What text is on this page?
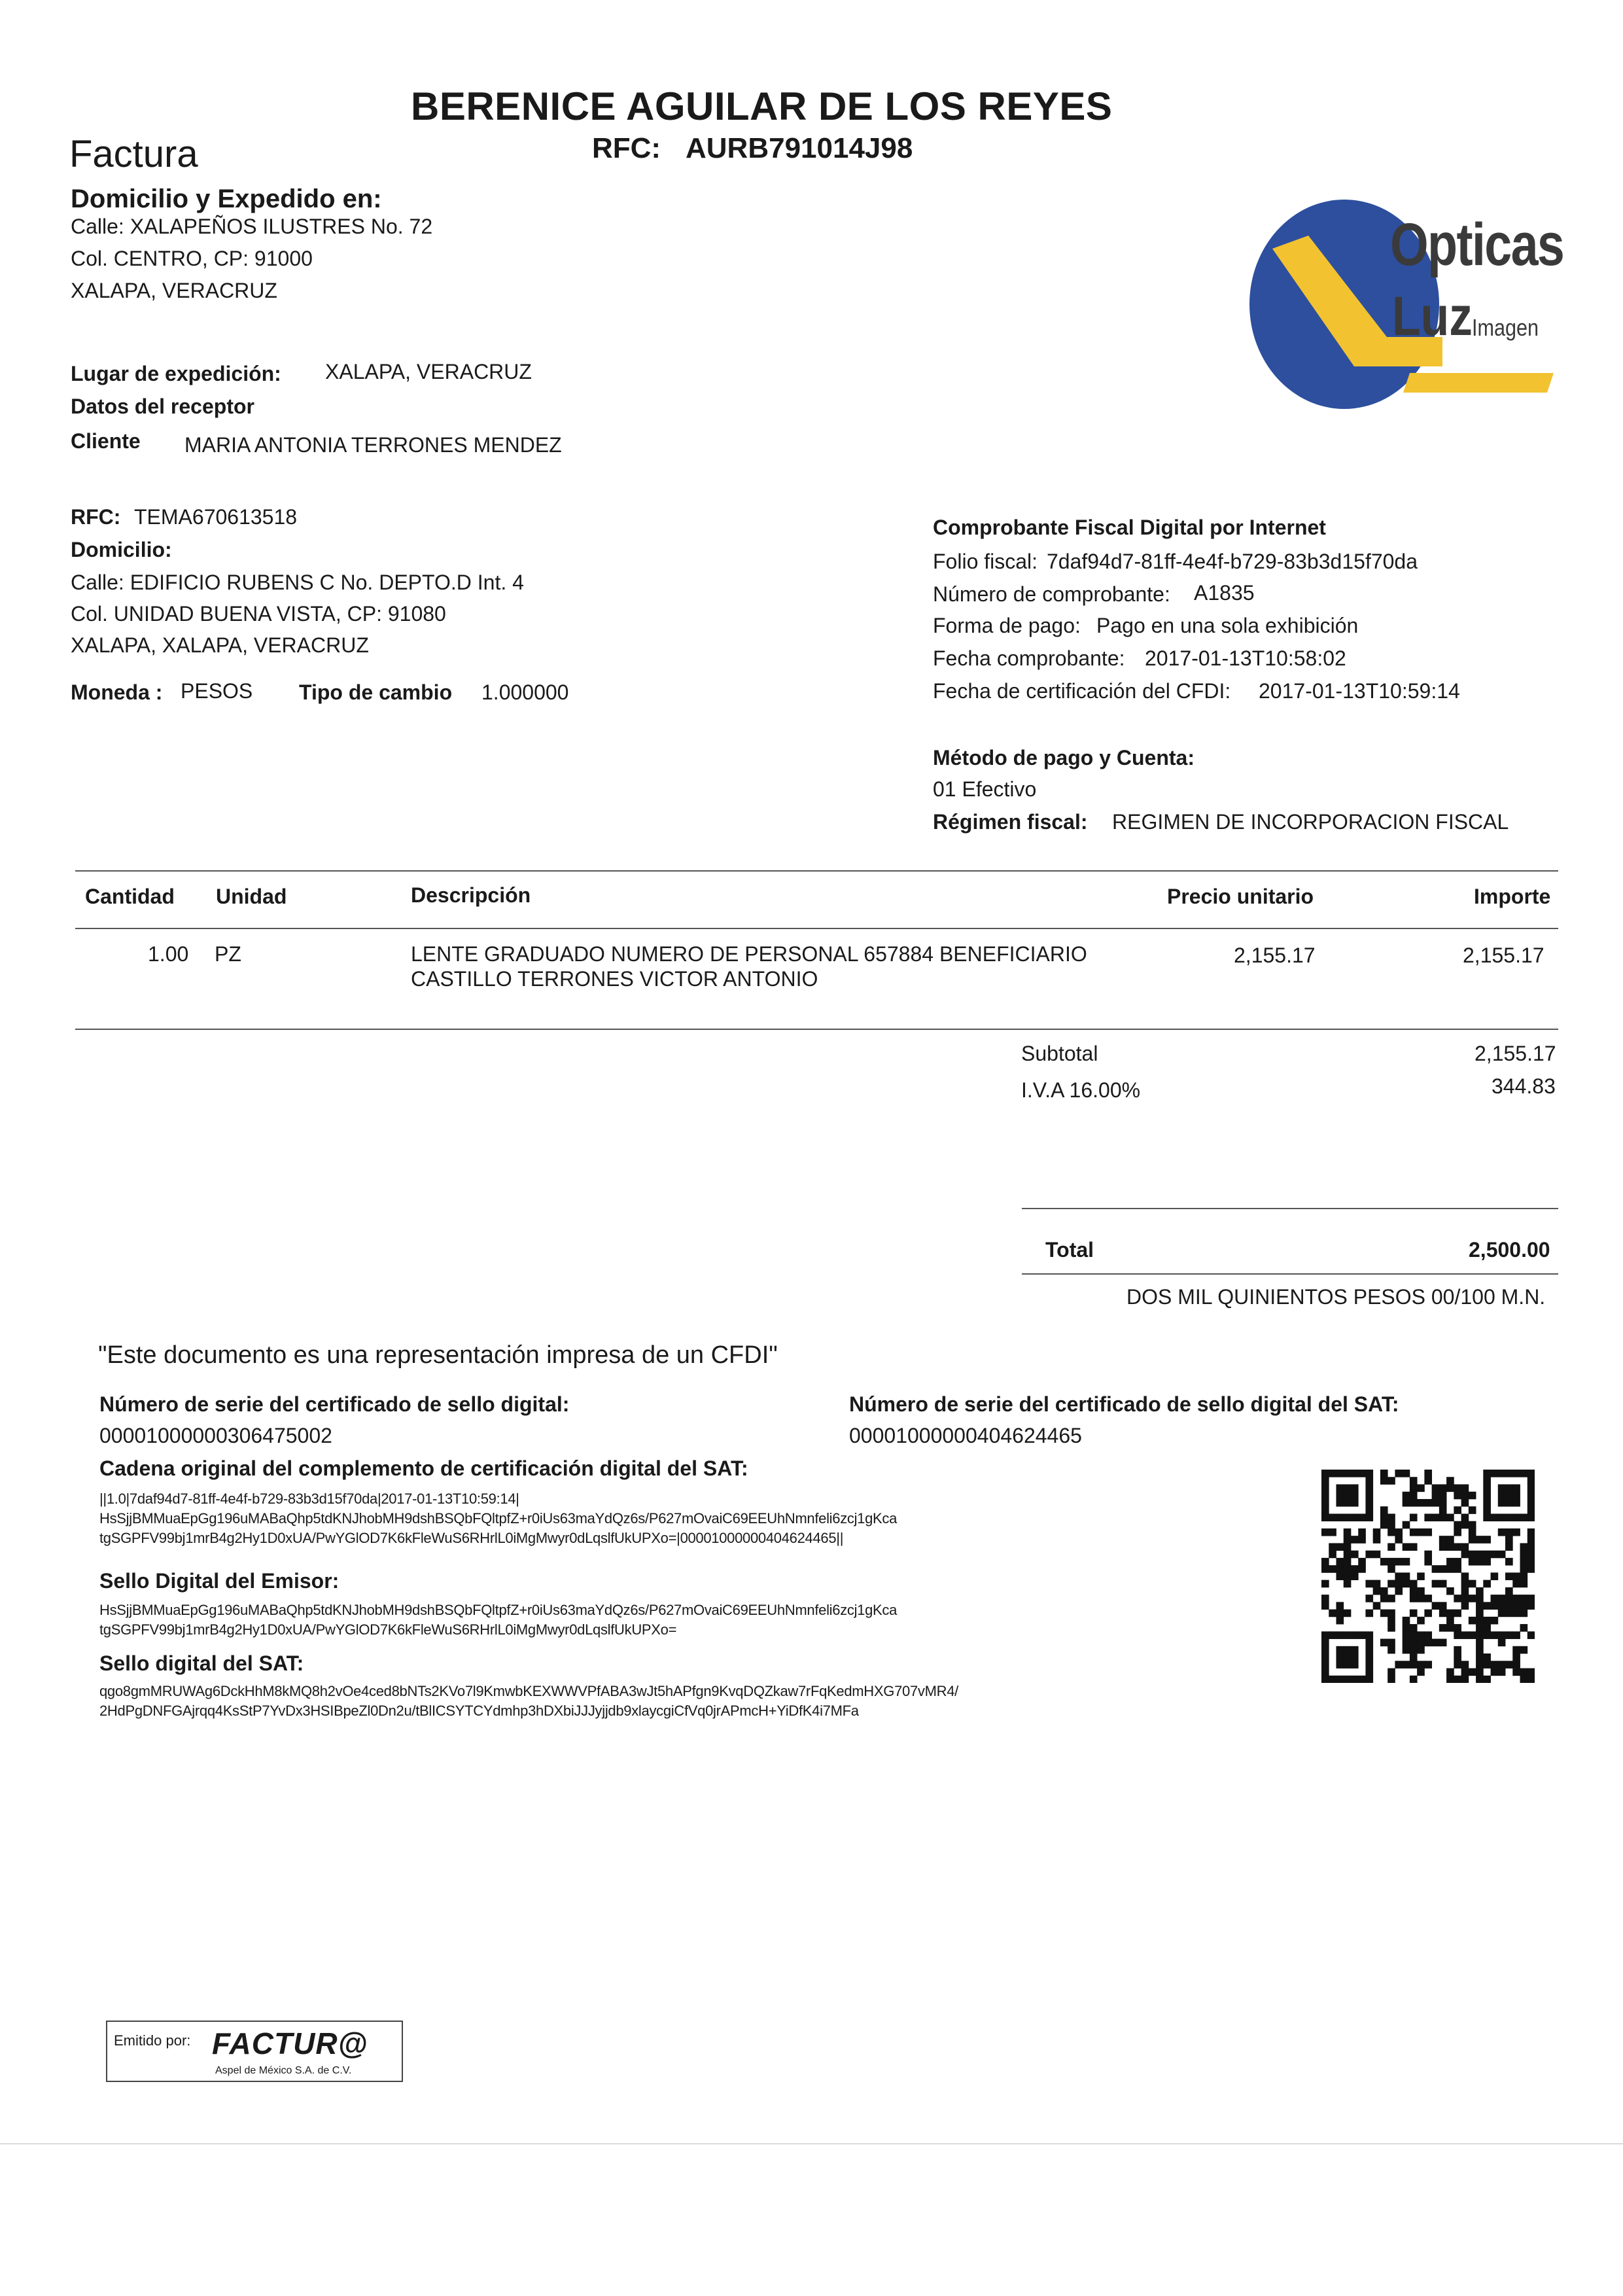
BERENICE AGUILAR DE LOS REYES
RFC: AURB791014J98
Factura
Domicilio y Expedido en:
Calle: XALAPEÑOS ILUSTRES No. 72
Col. CENTRO, CP: 91000
XALAPA, VERACRUZ
Opticas
Luz Imagen
Lugar de expedición: XALAPA, VERACRUZ
Datos del receptor
Cliente MARIA ANTONIA TERRONES MENDEZ
RFC: TEMA670613518
Domicilio:
Calle: EDIFICIO RUBENS C No. DEPTO.D Int. 4
Col. UNIDAD BUENA VISTA, CP: 91080
XALAPA, XALAPA, VERACRUZ
Moneda : PESOS Tipo de cambio 1.000000
Comprobante Fiscal Digital por Internet
Folio fiscal: 7daf94d7-81ff-4e4f-b729-83b3d15f70da
Número de comprobante: A1835
Forma de pago: Pago en una sola exhibición
Fecha comprobante: 2017-01-13T10:58:02
Fecha de certificación del CFDI: 2017-01-13T10:59:14
Método de pago y Cuenta:
01 Efectivo
Régimen fiscal: REGIMEN DE INCORPORACION FISCAL
Cantidad Unidad	Descripción	Precio unitario	Importe
1.00 PZ	LENTE GRADUADO NUMERO DE PERSONAL 657884 BENEFICIARIO
CASTILLO TERRONES VICTOR ANTONIO
2,155.17	2,155.17
Subtotal	2,155.17
I.V.A 16.00%	344.83
Total	2,500.00
DOS MIL QUINIENTOS PESOS 00/100 M.N.
"Este documento es una representación impresa de un CFDI"
Número de serie del certificado de sello digital:
00001000000306475002
Número de serie del certificado de sello digital del SAT:
00001000000404624465
Cadena original del complemento de certificación digital del SAT:
||1.0|7daf94d7-81ff-4e4f-b729-83b3d15f70da|2017-01-13T10:59:14|
HsSjjBMMuaEpGg196uMABaQhp5tdKNJhobMH9dshBSQbFQltpfZ+r0iUs63maYdQz6s/P627mOvaiC69EEUhNmnfeli6zcj1gKca
tgSGPFV99bj1mrB4g2Hy1D0xUA/PwYGlOD7K6kFleWuS6RHrlL0iMgMwyr0dLqslfUkUPXo=|00001000000404624465||
Sello Digital del Emisor:
HsSjjBMMuaEpGg196uMABaQhp5tdKNJhobMH9dshBSQbFQltpfZ+r0iUs63maYdQz6s/P627mOvaiC69EEUhNmnfeli6zcj1gKca
tgSGPFV99bj1mrB4g2Hy1D0xUA/PwYGlOD7K6kFleWuS6RHrlL0iMgMwyr0dLqslfUkUPXo=
Sello digital del SAT:
qgo8gmMRUWAg6DckHhM8kMQ8h2vOe4ced8bNTs2KVo7l9KmwbKEXWWVPfABA3wJt5hAPfgn9KvqDQZkaw7rFqKedmHXG707vMR4/
2HdPgDNFGAjrqq4KsStP7YvDx3HSIBpeZl0Dn2u/tBlICSYTCYdmhp3hDXbiJJJyjjdb9xlaycgiCfVq0jrAPmcH+YiDfK4i7MFa
Emitido por: FACTUR@
Aspel de México S.A. de C.V.
